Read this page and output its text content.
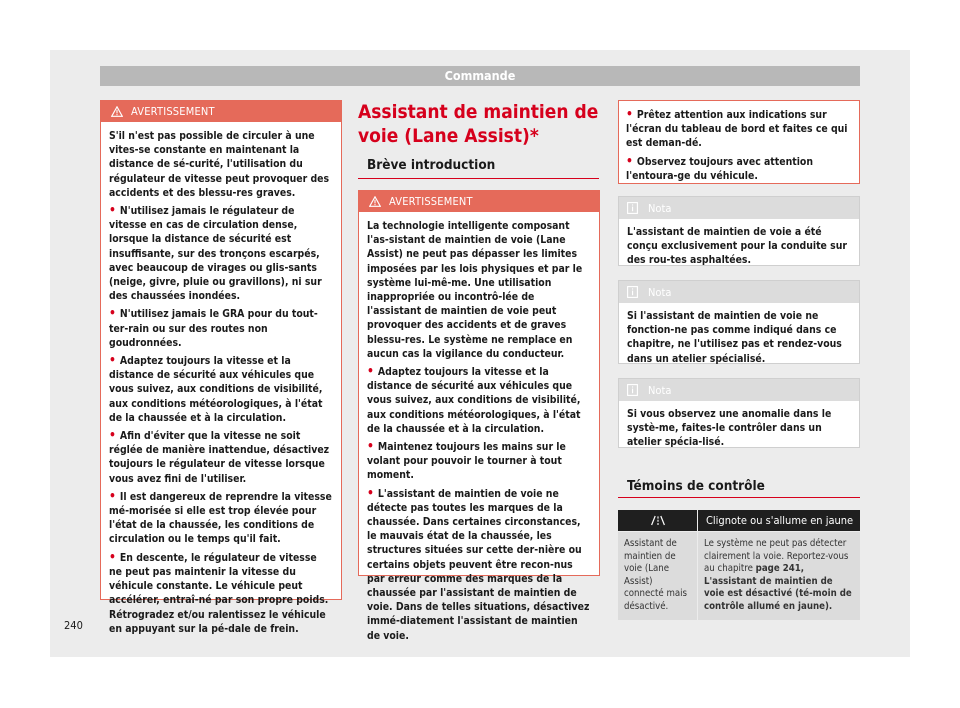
Commande
AVERTISSEMENT

S'il n'est pas possible de circuler à une vites-se constante en maintenant la distance de sé-curité, l'utilisation du régulateur de vitesse peut provoquer des accidents et des blessu-res graves.

• N'utilisez jamais le régulateur de vitesse en cas de circulation dense, lorsque la distance de sécurité est insuffisante, sur des tronçons escarpés, avec beaucoup de virages ou glis-sants (neige, givre, pluie ou gravillons), ni sur des chaussées inondées.

• N'utilisez jamais le GRA pour du tout-ter-rain ou sur des routes non goudronnées.

• Adaptez toujours la vitesse et la distance de sécurité aux véhicules que vous suivez, aux conditions de visibilité, aux conditions météorologiques, à l'état de la chaussée et à la circulation.

• Afin d'éviter que la vitesse ne soit réglée de manière inattendue, désactivez toujours le régulateur de vitesse lorsque vous avez fini de l'utiliser.

• Il est dangereux de reprendre la vitesse mé-morisée si elle est trop élevée pour l'état de la chaussée, les conditions de circulation ou le temps qu'il fait.

• En descente, le régulateur de vitesse ne peut pas maintenir la vitesse du véhicule constante. Le véhicule peut accélérer, entraî-né par son propre poids. Rétrogradez et/ou ralentissez le véhicule en appuyant sur la pé-dale de frein.

Assistant de maintien de voie (Lane Assist)*
Brève introduction
AVERTISSEMENT

La technologie intelligente composant l'as-sistant de maintien de voie (Lane Assist) ne peut pas dépasser les limites imposées par les lois physiques et par le système lui-mê-me. Une utilisation inappropriée ou incontrô-lée de l'assistant de maintien de voie peut provoquer des accidents et de graves blessu-res. Le système ne remplace en aucun cas la vigilance du conducteur.

• Adaptez toujours la vitesse et la distance de sécurité aux véhicules que vous suivez, aux conditions de visibilité, aux conditions météorologiques, à l'état de la chaussée et à la circulation.

• Maintenez toujours les mains sur le volant pour pouvoir le tourner à tout moment.

• L'assistant de maintien de voie ne détecte pas toutes les marques de la chaussée. Dans certaines circonstances, le mauvais état de la chaussée, les structures situées sur cette der-nière ou certains objets peuvent être recon-nus par erreur comme des marques de la chaussée par l'assistant de maintien de voie. Dans de telles situations, désactivez immé-diatement l'assistant de maintien de voie.

• Prêtez attention aux indications sur l'écran du tableau de bord et faites ce qui est deman-dé.

• Observez toujours avec attention l'entoura-ge du véhicule.

Nota
L'assistant de maintien de voie a été conçu exclusivement pour la conduite sur des rou-tes asphaltées.
Nota
Si l'assistant de maintien de voie ne fonction-ne pas comme indiqué dans ce chapitre, ne l'utilisez pas et rendez-vous dans un atelier spécialisé.
Nota
Si vous observez une anomalie dans le systè-me, faites-le contrôler dans un atelier spécia-lisé.
Témoins de contrôle
Clignote ou s'allume en jaune
Assistant de maintien de voie (Lane Assist) connecté mais désactivé.
Le système ne peut pas détecter clairement la voie. Reportez-vous au chapitre page 241, L'assistant de maintien de voie est désactivé (té-moin de contrôle allumé en jaune).
240
